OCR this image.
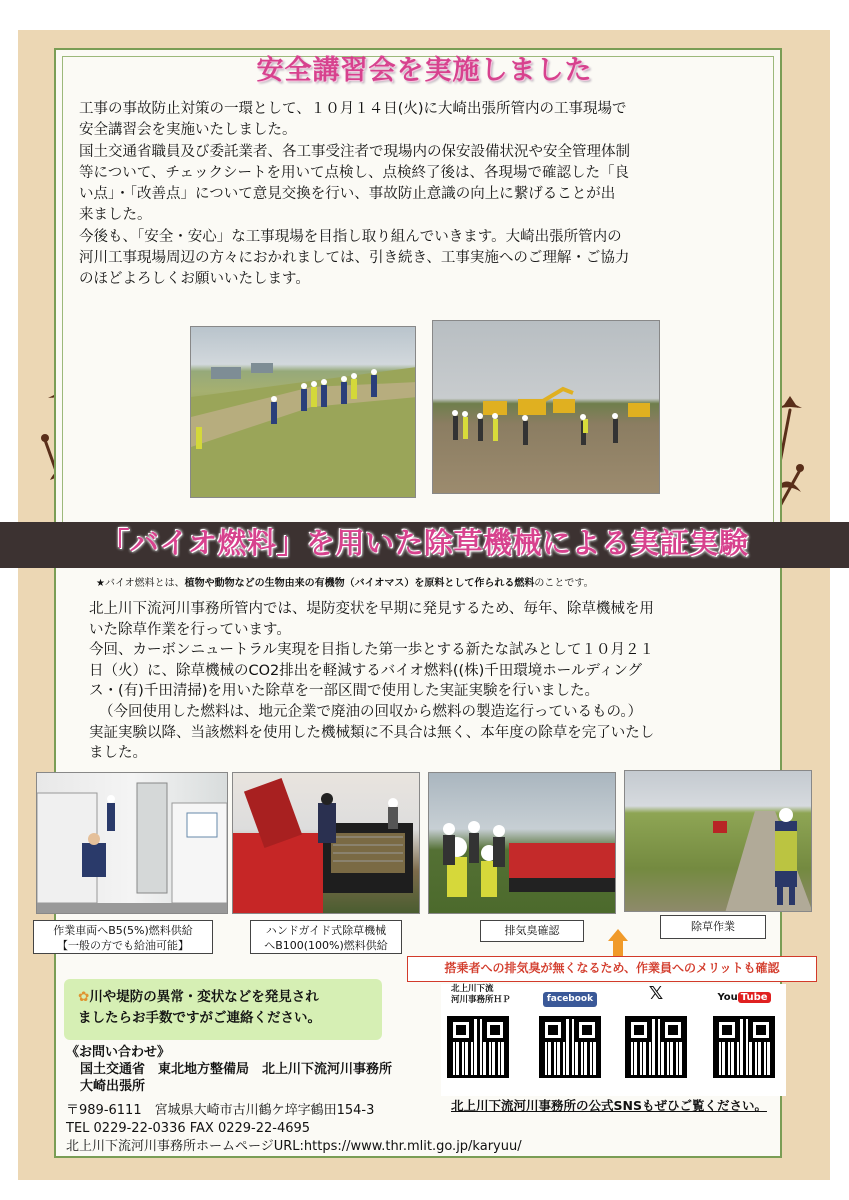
安全講習会を実施しました
工事の事故防止対策の一環として、１０月１４日(火)に大崎出張所管内の工事現場で
安全講習会を実施いたしました。
国土交通省職員及び委託業者、各工事受注者で現場内の保安設備状況や安全管理体制
等について、チェックシートを用いて点検し、点検終了後は、各現場で確認した「良
い点」・「改善点」について意見交換を行い、事故防止意識の向上に繋げることが出
来ました。
今後も、「安全・安心」な工事現場を目指し取り組んでいきます。大崎出張所管内の
河川工事現場周辺の方々におかれましては、引き続き、工事実施へのご理解・ご協力
のほどよろしくお願いいたします。
「バイオ燃料」を用いた除草機械による実証実験
★バイオ燃料とは、植物や動物などの生物由来の有機物（バイオマス）を原料として作られる燃料のことです。
北上川下流河川事務所管内では、堤防変状を早期に発見するため、毎年、除草機械を用
いた除草作業を行っています。
今回、カーボンニュートラル実現を目指した第一歩とする新たな試みとして１０月２１
日（火）に、除草機械のCO2排出を軽減するバイオ燃料((株)千田環境ホールディング
ス・(有)千田清掃)を用いた除草を一部区間で使用した実証実験を行いました。
（今回使用した燃料は、地元企業で廃油の回収から燃料の製造迄行っているもの。）
実証実験以降、当該燃料を使用した機械類に不具合は無く、本年度の除草を完了いたし
ました。
作業車両へB5(5%)燃料供給
【一般の方でも給油可能】
ハンドガイド式除草機械
へB100(100%)燃料供給
排気臭確認	除草作業
搭乗者への排気臭が無くなるため、作業員へのメリットも確認
✿川や堤防の異常・変状などを発見され
ましたらお手数ですがご連絡ください。
《お問い合わせ》
国土交通省　東北地方整備局　北上川下流河川事務所
大崎出張所
〒989-6111　宮城県大崎市古川鶴ケ埣字鶴田154-3
TEL 0229-22-0336 FAX 0229-22-4695
北上川下流河川事務所ホームページURL:https://www.thr.mlit.go.jp/karyuu/
北上川下流
河川事務所ＨＰ	facebook	𝕏	You Tube
北上川下流河川事務所の公式SNSもぜひご覧ください。
